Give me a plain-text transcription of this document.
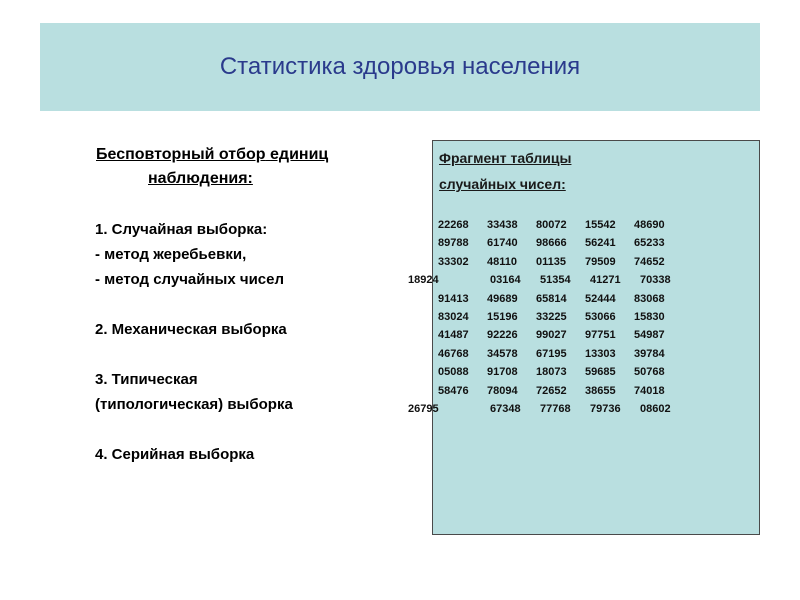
Статистика здоровья населения
Бесповторный отбор единиц
наблюдения:
1. Случайная выборка:
- метод жеребьевки,
- метод случайных чисел
2. Механическая выборка
3. Типическая
(типологическая) выборка
4. Серийная выборка
Фрагмент таблицы
случайных чисел:
22268 33438 80072 15542 48690
89788 61740 98666 56241 65233
33302 48110 01135 79509 74652
18924	03164 51354 41271 70338
91413 49689 65814 52444 83068
83024 15196 33225 53066 15830
41487 92226 99027 97751 54987
46768 34578 67195 13303 39784
05088 91708 18073 59685 50768
58476 78094 72652 38655 74018
26795	67348 77768 79736 08602
